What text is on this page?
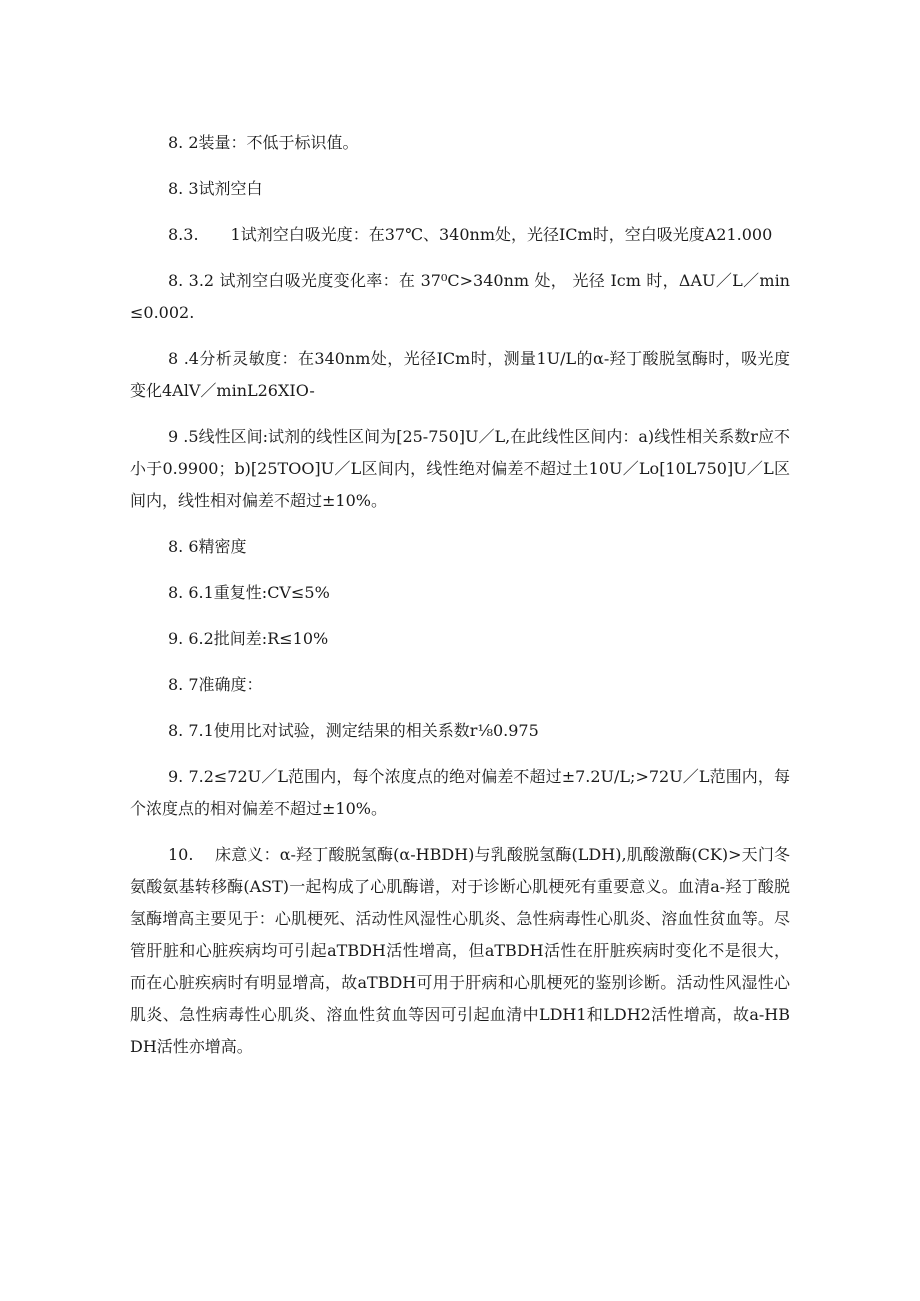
8. 2装量：不低于标识值。

8. 3试剂空白

8.3.　　1试剂空白吸光度：在37℃、340nm处，光径ICm时，空白吸光度A21.000

8. 3.2 试剂空白吸光度变化率：在 37⁰C>340nm 处， 光径 Icm 时，ΔAU／L／min≤0.002.

8 .4分析灵敏度：在340nm处，光径ICm时，测量1U/L的α-羟丁酸脱氢酶时，吸光度变化4AlV／minL26XIO-

9 .5线性区间:试剂的线性区间为[25-750]U／L,在此线性区间内：a)线性相关系数r应不小于0.9900；b)[25TOO]U／L区间内，线性绝对偏差不超过土10U／Lo[10L750]U／L区间内，线性相对偏差不超过±10%。

8. 6精密度

8. 6.1重复性:CV≤5%

9. 6.2批间差:R≤10%

8. 7准确度：

8. 7.1使用比对试验，测定结果的相关系数r⅛0.975

9. 7.2≤72U／L范围内，每个浓度点的绝对偏差不超过±7.2U/L;>72U／L范围内，每个浓度点的相对偏差不超过±10%。

10.　 床意义：α-羟丁酸脱氢酶(α-HBDH)与乳酸脱氢酶(LDH),肌酸激酶(CK)>天门冬氨酸氨基转移酶(AST)一起构成了心肌酶谱，对于诊断心肌梗死有重要意义。血清a-羟丁酸脱氢酶增高主要见于：心肌梗死、活动性风湿性心肌炎、急性病毒性心肌炎、溶血性贫血等。尽管肝脏和心脏疾病均可引起aTBDH活性增高，但aTBDH活性在肝脏疾病时变化不是很大，而在心脏疾病时有明显增高，故aTBDH可用于肝病和心肌梗死的鉴别诊断。活动性风湿性心肌炎、急性病毒性心肌炎、溶血性贫血等因可引起血清中LDH1和LDH2活性增高，故a-HBDH活性亦增高。
